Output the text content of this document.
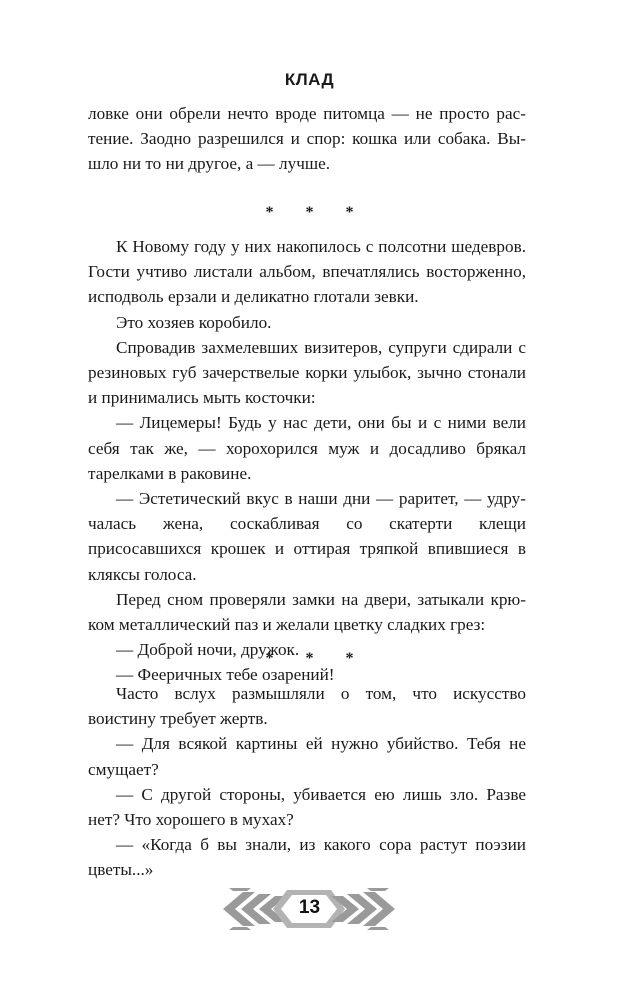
КЛАД

ловке они обрели нечто вроде питомца — не просто растение. Заодно разрешился и спор: кошка или собака. Вышло ни то ни другое, а — лучше.

* * *

К Новому году у них накопилось с полсотни шедевров. Гости учтиво листали альбом, впечатлялись восторженно, исподволь ерзали и деликатно глотали зевки.

Это хозяев коробило.

Спровадив захмелевших визитеров, супруги сдирали с резиновых губ зачерствелые корки улыбок, зычно стонали и принимались мыть косточки:

— Лицемеры! Будь у нас дети, они бы и с ними вели себя так же, — хорохорился муж и досадливо брякал тарелками в раковине.

— Эстетический вкус в наши дни — раритет, — удручалась жена, соскабливая со скатерти клещи присосавшихся крошек и оттирая тряпкой впившиеся в кляксы голоса.

Перед сном проверяли замки на двери, затыкали крюком металлический паз и желали цветку сладких грез:

— Доброй ночи, дружок.

— Фееричных тебе озарений!

* * *

Часто вслух размышляли о том, что искусство воистину требует жертв.

— Для всякой картины ей нужно убийство. Тебя не смущает?

— С другой стороны, убивается ею лишь зло. Разве нет? Что хорошего в мухах?

— «Когда б вы знали, из какого сора растут поэзии цветы...»

13
